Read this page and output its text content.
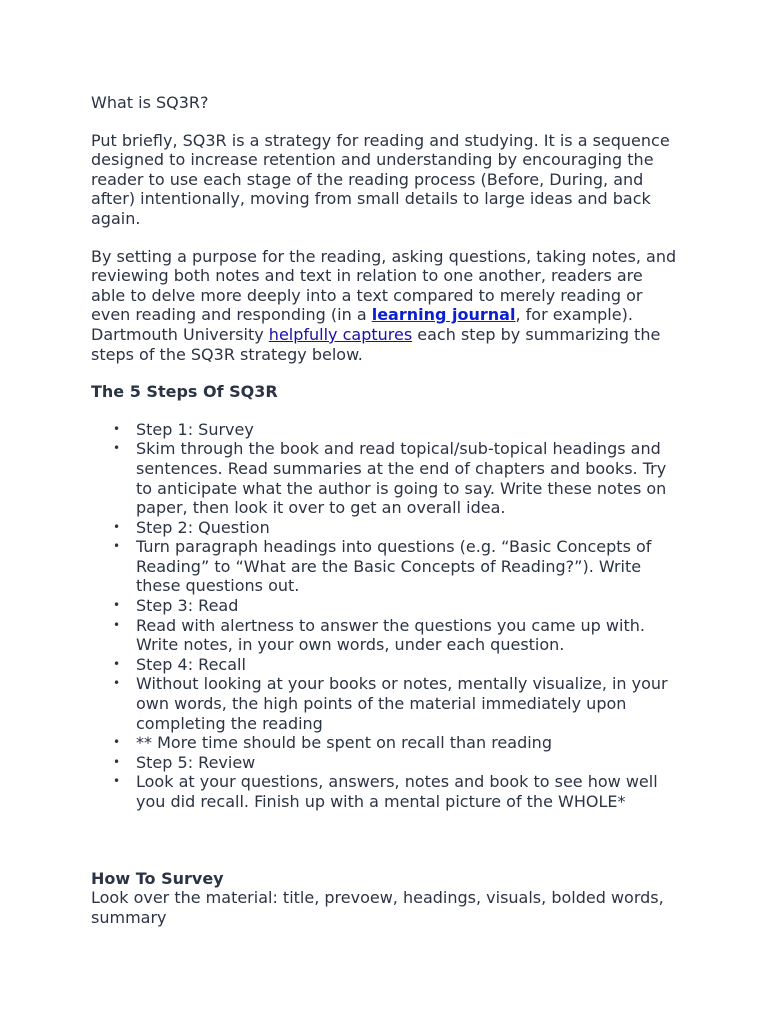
What is SQ3R?

Put briefly, SQ3R is a strategy for reading and studying. It is a sequence designed to increase retention and understanding by encouraging the reader to use each stage of the reading process (Before, During, and after) intentionally, moving from small details to large ideas and back again.

By setting a purpose for the reading, asking questions, taking notes, and reviewing both notes and text in relation to one another, readers are able to delve more deeply into a text compared to merely reading or even reading and responding (in a learning journal, for example). Dartmouth University helpfully captures each step by summarizing the steps of the SQ3R strategy below.

The 5 Steps Of SQ3R

• Step 1: Survey
• Skim through the book and read topical/sub-topical headings and sentences. Read summaries at the end of chapters and books. Try to anticipate what the author is going to say. Write these notes on paper, then look it over to get an overall idea.
• Step 2: Question
• Turn paragraph headings into questions (e.g. “Basic Concepts of Reading” to “What are the Basic Concepts of Reading?”). Write these questions out.
• Step 3: Read
• Read with alertness to answer the questions you came up with. Write notes, in your own words, under each question.
• Step 4: Recall
• Without looking at your books or notes, mentally visualize, in your own words, the high points of the material immediately upon completing the reading
• ** More time should be spent on recall than reading
• Step 5: Review
• Look at your questions, answers, notes and book to see how well you did recall. Finish up with a mental picture of the WHOLE*

How To Survey

Look over the material: title, prevoew, headings, visuals, bolded words, summary
